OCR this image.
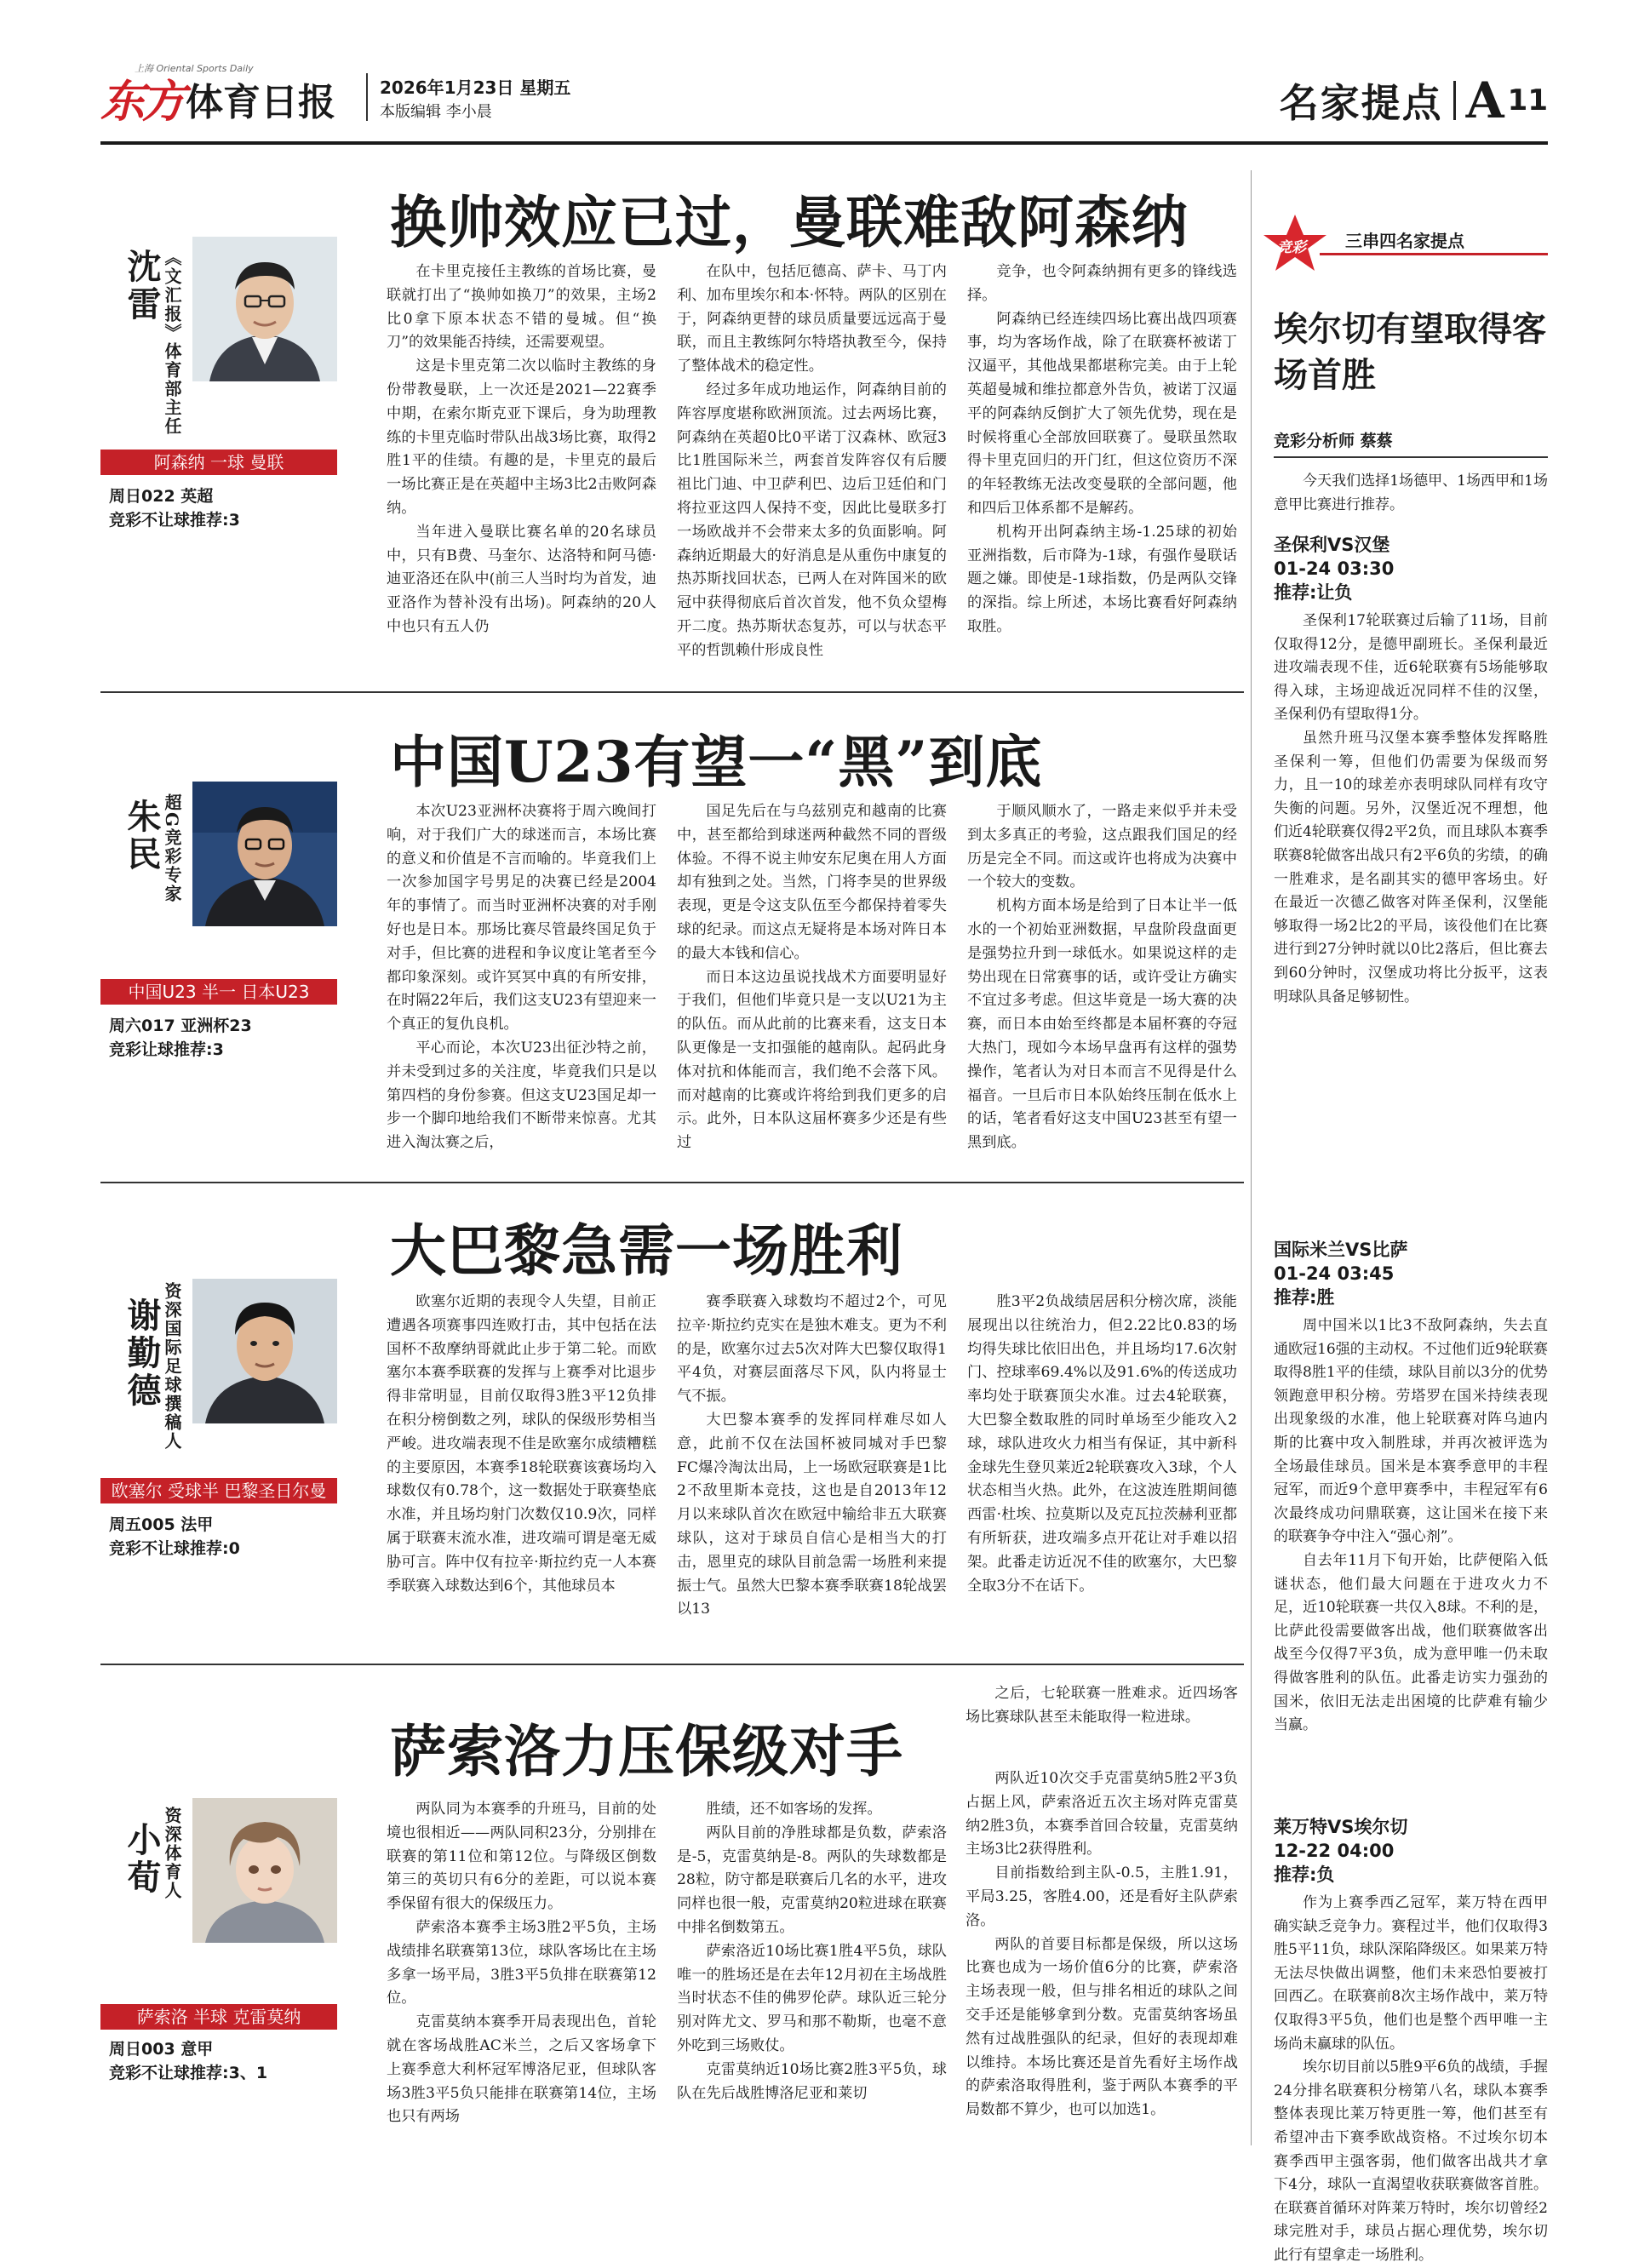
东方 体育日报
上海 Oriental Sports Daily
2026年1月23日 星期五
本版编辑 李小晨	名家提点 A 11
换帅效应已过，曼联难敌阿森纳
沈雷 《文汇报》体育部主任
阿森纳 一球 曼联
周日022 英超
竞彩不让球推荐:3

在卡里克接任主教练的首场比赛，曼联就打出了“换帅如换刀”的效果，主场2比0拿下原本状态不错的曼城。但“换刀”的效果能否持续，还需要观望。

这是卡里克第二次以临时主教练的身份带教曼联，上一次还是2021—22赛季中期，在索尔斯克亚下课后，身为助理教练的卡里克临时带队出战3场比赛，取得2胜1平的佳绩。有趣的是，卡里克的最后一场比赛正是在英超中主场3比2击败阿森纳。

当年进入曼联比赛名单的20名球员中，只有B费、马奎尔、达洛特和阿马德·迪亚洛还在队中(前三人当时均为首发，迪亚洛作为替补没有出场)。阿森纳的20人中也只有五人仍

在队中，包括厄德高、萨卡、马丁内利、加布里埃尔和本·怀特。两队的区别在于，阿森纳更替的球员质量要远远高于曼联，而且主教练阿尔特塔执教至今，保持了整体战术的稳定性。

经过多年成功地运作，阿森纳目前的阵容厚度堪称欧洲顶流。过去两场比赛，阿森纳在英超0比0平诺丁汉森林、欧冠3比1胜国际米兰，两套首发阵容仅有后腰祖比门迪、中卫萨利巴、边后卫廷伯和门将拉亚这四人保持不变，因此比曼联多打一场欧战并不会带来太多的负面影响。阿森纳近期最大的好消息是从重伤中康复的热苏斯找回状态，已两人在对阵国米的欧冠中获得彻底后首次首发，他不负众望梅开二度。热苏斯状态复苏，可以与状态平平的哲凯赖什形成良性

竞争，也令阿森纳拥有更多的锋线选择。

阿森纳已经连续四场比赛出战四项赛事，均为客场作战，除了在联赛杯被诺丁汉逼平，其他战果都堪称完美。由于上轮英超曼城和维拉都意外告负，被诺丁汉逼平的阿森纳反倒扩大了领先优势，现在是时候将重心全部放回联赛了。曼联虽然取得卡里克回归的开门红，但这位资历不深的年轻教练无法改变曼联的全部问题，他和四后卫体系都不是解药。

机构开出阿森纳主场-1.25球的初始亚洲指数，后市降为-1球，有强作曼联话题之嫌。即使是-1球指数，仍是两队交锋的深指。综上所述，本场比赛看好阿森纳取胜。

中国U23有望一“黑”到底
朱民 超G竞彩专家
中国U23 半一 日本U23
周六017 亚洲杯23
竞彩让球推荐:3

本次U23亚洲杯决赛将于周六晚间打响，对于我们广大的球迷而言，本场比赛的意义和价值是不言而喻的。毕竟我们上一次参加国字号男足的决赛已经是2004年的事情了。而当时亚洲杯决赛的对手刚好也是日本。那场比赛尽管最终国足负于对手，但比赛的进程和争议度让笔者至今都印象深刻。或许冥冥中真的有所安排，在时隔22年后，我们这支U23有望迎来一个真正的复仇良机。

平心而论，本次U23出征沙特之前，并未受到过多的关注度，毕竟我们只是以第四档的身份参赛。但这支U23国足却一步一个脚印地给我们不断带来惊喜。尤其进入淘汰赛之后，

国足先后在与乌兹别克和越南的比赛中，甚至都给到球迷两种截然不同的晋级体验。不得不说主帅安东尼奥在用人方面却有独到之处。当然，门将李昊的世界级表现，更是令这支队伍至今都保持着零失球的纪录。而这点无疑将是本场对阵日本的最大本钱和信心。

而日本这边虽说找战术方面要明显好于我们，但他们毕竟只是一支以U21为主的队伍。而从此前的比赛来看，这支日本队更像是一支扣强能的越南队。起码此身体对抗和体能而言，我们绝不会落下风。而对越南的比赛或许将给到我们更多的启示。此外，日本队这届杯赛多少还是有些过

于顺风顺水了，一路走来似乎并未受到太多真正的考验，这点跟我们国足的经历是完全不同。而这或许也将成为决赛中一个较大的变数。

机构方面本场是给到了日本让半一低水的一个初始亚洲数据，早盘阶段盘面更是强势拉升到一球低水。如果说这样的走势出现在日常赛事的话，或许受让方确实不宜过多考虑。但这毕竟是一场大赛的决赛，而日本由始至终都是本届杯赛的夺冠大热门，现如今本场早盘再有这样的强势操作，笔者认为对日本而言不见得是什么福音。一旦后市日本队始终压制在低水上的话，笔者看好这支中国U23甚至有望一黑到底。

大巴黎急需一场胜利
谢勤德 资深国际足球撰稿人
欧塞尔 受球半 巴黎圣日尔曼
周五005 法甲
竞彩不让球推荐:0

欧塞尔近期的表现令人失望，目前正遭遇各项赛事四连败打击，其中包括在法国杯不敌摩纳哥就此止步于第二轮。而欧塞尔本赛季联赛的发挥与上赛季对比退步得非常明显，目前仅取得3胜3平12负排在积分榜倒数之列，球队的保级形势相当严峻。进攻端表现不佳是欧塞尔成绩糟糕的主要原因，本赛季18轮联赛该赛场均入球数仅有0.78个，这一数据处于联赛垫底水准，并且场均射门次数仅10.9次，同样属于联赛末流水准，进攻端可谓是毫无威胁可言。阵中仅有拉辛·斯拉约克一人本赛季联赛入球数达到6个，其他球员本

赛季联赛入球数均不超过2个，可见拉辛·斯拉约克实在是独木难支。更为不利的是，欧塞尔过去5次对阵大巴黎仅取得1平4负，对赛层面落尽下风，队内将显士气不振。

大巴黎本赛季的发挥同样难尽如人意，此前不仅在法国杯被同城对手巴黎FC爆冷淘汰出局，上一场欧冠联赛是1比2不敌里斯本竞技，这也是自2013年12月以来球队首次在欧冠中输给非五大联赛球队，这对于球员自信心是相当大的打击，恩里克的球队目前急需一场胜利来提振士气。虽然大巴黎本赛季联赛18轮战罢以13

胜3平2负战绩居居积分榜次席，淡能展现出以往统治力，但2.22比0.83的场均得失球比依旧出色，并且场均17.6次射门、控球率69.4%以及91.6%的传送成功率均处于联赛顶尖水准。过去4轮联赛，大巴黎全数取胜的同时单场至少能攻入2球，球队进攻火力相当有保证，其中新科金球先生登贝莱近2轮联赛攻入3球，个人状态相当火热。此外，在这波连胜期间德西雷·杜埃、拉莫斯以及克瓦拉茨赫利亚都有所斩获，进攻端多点开花让对手难以招架。此番走访近况不佳的欧塞尔，大巴黎全取3分不在话下。

萨索洛力压保级对手

之后，七轮联赛一胜难求。近四场客场比赛球队甚至未能取得一粒进球。

小荀 资深体育人
萨索洛 半球 克雷莫纳
周日003 意甲
竞彩不让球推荐:3、1

两队同为本赛季的升班马，目前的处境也很相近——两队同积23分，分别排在联赛的第11位和第12位。与降级区倒数第三的英切只有6分的差距，可以说本赛季保留有很大的保级压力。

萨索洛本赛季主场3胜2平5负，主场战绩排名联赛第13位，球队客场比在主场多拿一场平局，3胜3平5负排在联赛第12位。

克雷莫纳本赛季开局表现出色，首轮就在客场战胜AC米兰，之后又客场拿下上赛季意大利杯冠军博洛尼亚，但球队客场3胜3平5负只能排在联赛第14位，主场也只有两场

胜绩，还不如客场的发挥。

两队目前的净胜球都是负数，萨索洛是-5，克雷莫纳是-8。两队的失球数都是28粒，防守都是联赛后几名的水平，进攻同样也很一般，克雷莫纳20粒进球在联赛中排名倒数第五。

萨索洛近10场比赛1胜4平5负，球队唯一的胜场还是在去年12月初在主场战胜当时状态不佳的佛罗伦萨。球队近三轮分别对阵尤文、罗马和那不勒斯，也毫不意外吃到三场败仗。

克雷莫纳近10场比赛2胜3平5负，球队在先后战胜博洛尼亚和莱切

两队近10次交手克雷莫纳5胜2平3负占据上风，萨索洛近五次主场对阵克雷莫纳2胜3负，本赛季首回合较量，克雷莫纳主场3比2获得胜利。

目前指数给到主队-0.5，主胜1.91，平局3.25，客胜4.00，还是看好主队萨索洛。

两队的首要目标都是保级，所以这场比赛也成为一场价值6分的比赛，萨索洛主场表现一般，但与排名相近的球队之间交手还是能够拿到分数。克雷莫纳客场虽然有过战胜强队的纪录，但好的表现却难以维持。本场比赛还是首先看好主场作战的萨索洛取得胜利，鉴于两队本赛季的平局数都不算少，也可以加选1。

竞彩	三串四名家提点
埃尔切有望取得客场首胜
竞彩分析师 蔡蔡

今天我们选择1场德甲、1场西甲和1场意甲比赛进行推荐。

圣保利VS汉堡
01-24 03:30
推荐:让负

圣保利17轮联赛过后输了11场，目前仅取得12分，是德甲副班长。圣保利最近进攻端表现不佳，近6轮联赛有5场能够取得入球，主场迎战近况同样不佳的汉堡，圣保利仍有望取得1分。

虽然升班马汉堡本赛季整体发挥略胜圣保利一筹，但他们仍需要为保级而努力，且一10的球差亦表明球队同样有攻守失衡的问题。另外，汉堡近况不理想，他们近4轮联赛仅得2平2负，而且球队本赛季联赛8轮做客出战只有2平6负的劣绩，的确一胜难求，是名副其实的德甲客场虫。好在最近一次德乙做客对阵圣保利，汉堡能够取得一场2比2的平局，该役他们在比赛进行到27分钟时就以0比2落后，但比赛去到60分钟时，汉堡成功将比分扳平，这表明球队具备足够韧性。

国际米兰VS比萨
01-24 03:45
推荐:胜

周中国米以1比3不敌阿森纳，失去直通欧冠16强的主动权。不过他们近9轮联赛取得8胜1平的佳绩，球队目前以3分的优势领跑意甲积分榜。劳塔罗在国米持续表现出现象级的水准，他上轮联赛对阵乌迪内斯的比赛中攻入制胜球，并再次被评选为全场最佳球员。国米是本赛季意甲的丰程冠军，而近9个意甲赛季中，丰程冠军有6次最终成功问鼎联赛，这让国米在接下来的联赛争夺中注入“强心剂”。

自去年11月下旬开始，比萨便陷入低谜状态，他们最大问题在于进攻火力不足，近10轮联赛一共仅入8球。不利的是，比萨此役需要做客出战，他们联赛做客出战至今仅得7平3负，成为意甲唯一仍未取得做客胜利的队伍。此番走访实力强劲的国米，依旧无法走出困境的比萨难有输少当赢。

莱万特VS埃尔切
12-22 04:00
推荐:负

作为上赛季西乙冠军，莱万特在西甲确实缺乏竞争力。赛程过半，他们仅取得3胜5平11负，球队深陷降级区。如果莱万特无法尽快做出调整，他们未来恐怕要被打回西乙。在联赛前8次主场作战中，莱万特仅取得3平5负，他们也是整个西甲唯一主场尚未赢球的队伍。

埃尔切目前以5胜9平6负的战绩，手握24分排名联赛积分榜第八名，球队本赛季整体表现比莱万特更胜一筹，他们甚至有希望冲击下赛季欧战资格。不过埃尔切本赛季西甲主强客弱，他们做客出战共才拿下4分，球队一直渴望收获联赛做客首胜。在联赛首循环对阵莱万特时，埃尔切曾经2球完胜对手，球员占据心理优势，埃尔切此行有望拿走一场胜利。
